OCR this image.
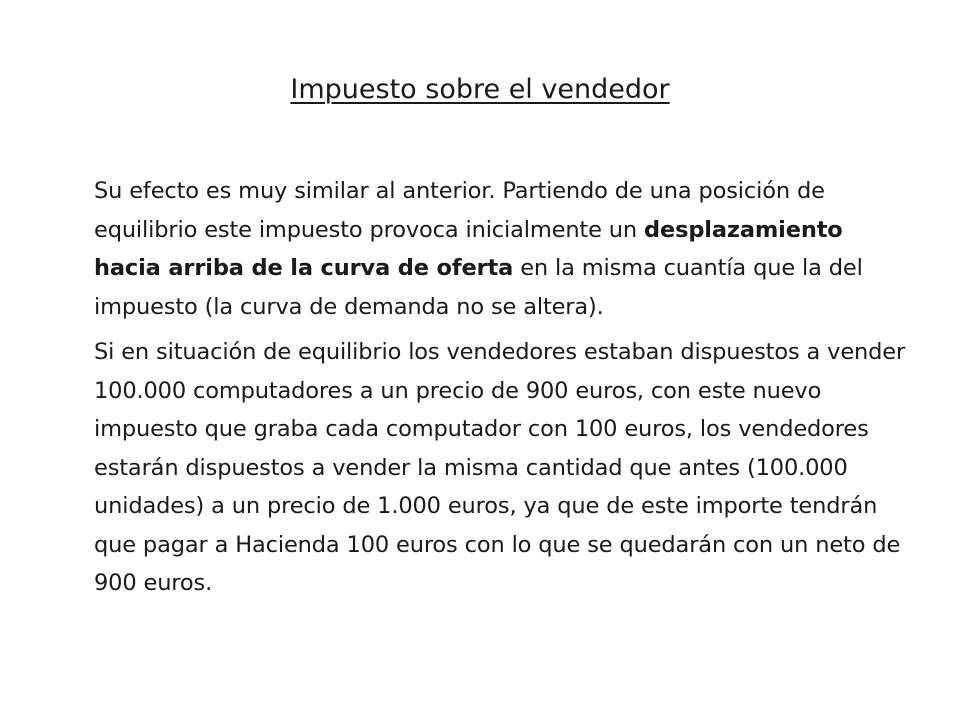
Impuesto sobre el vendedor

Su efecto es muy similar al anterior. Partiendo de una posición de equilibrio este impuesto provoca inicialmente un desplazamiento hacia arriba de la curva de oferta en la misma cuantía que la del impuesto (la curva de demanda no se altera).

Si en situación de equilibrio los vendedores estaban dispuestos a vender 100.000 computadores a un precio de 900 euros, con este nuevo impuesto que graba cada computador con 100 euros, los vendedores estarán dispuestos a vender la misma cantidad que antes (100.000 unidades) a un precio de 1.000 euros, ya que de este importe tendrán que pagar a Hacienda 100 euros con lo que se quedarán con un neto de 900 euros.
